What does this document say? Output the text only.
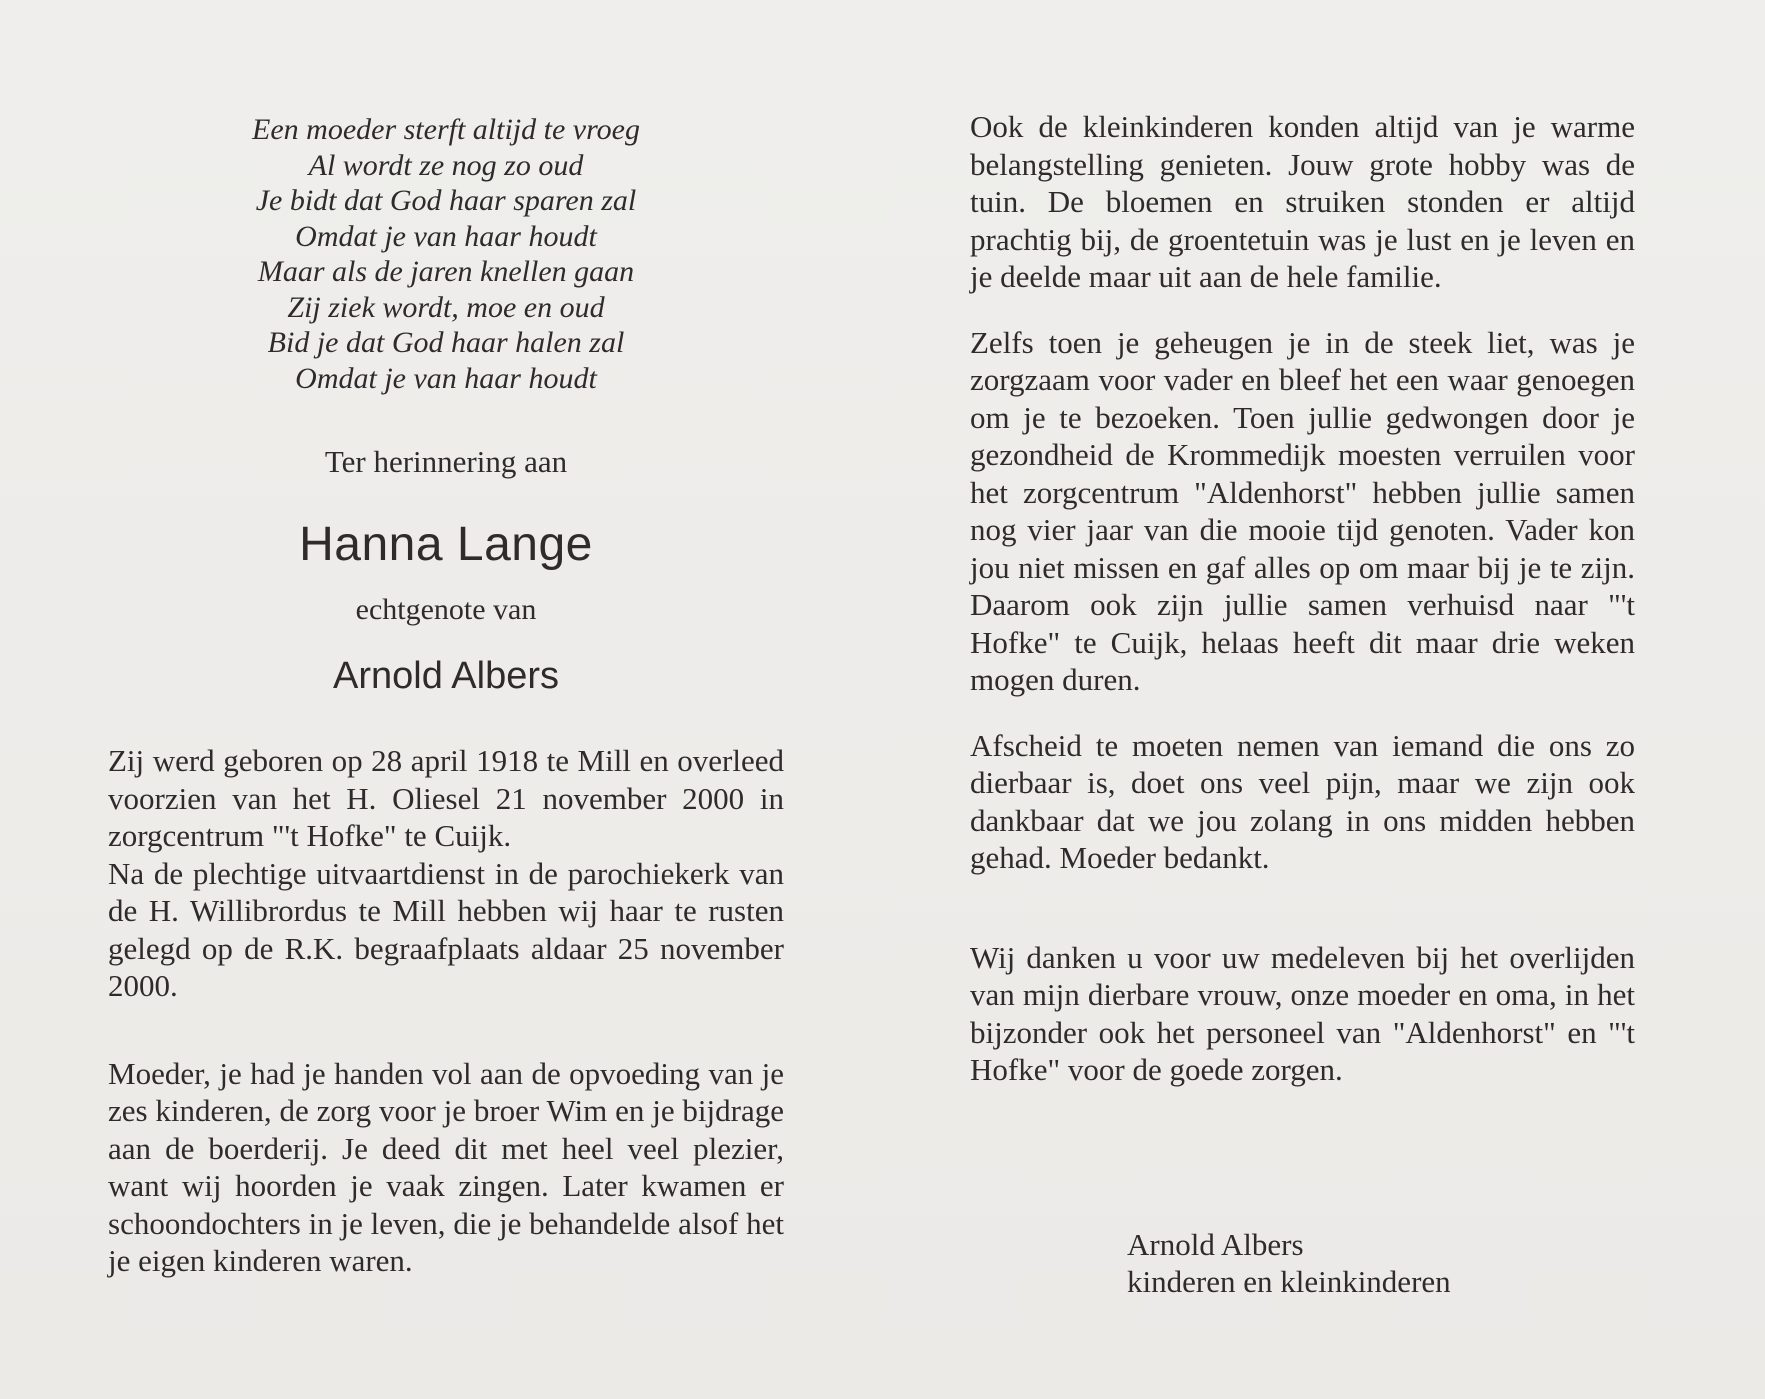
Een moeder sterft altijd te vroeg
Al wordt ze nog zo oud
Je bidt dat God haar sparen zal
Omdat je van haar houdt
Maar als de jaren knellen gaan
Zij ziek wordt, moe en oud
Bid je dat God haar halen zal
Omdat je van haar houdt
Ter herinnering aan
Hanna Lange
echtgenote van
Arnold Albers

Zij werd geboren op 28 april 1918 te Mill en overleed voorzien van het H. Oliesel 21 november 2000 in zorgcentrum "'t Hofke" te Cuijk.

Na de plechtige uitvaartdienst in de parochiekerk van de H. Willibrordus te Mill hebben wij haar te rusten gelegd op de R.K. begraafplaats aldaar 25 november 2000.

Moeder, je had je handen vol aan de opvoeding van je zes kinderen, de zorg voor je broer Wim en je bijdrage aan de boerderij. Je deed dit met heel veel plezier, want wij hoorden je vaak zingen. Later kwamen er schoondochters in je leven, die je behandelde alsof het je eigen kinderen waren.

Ook de kleinkinderen konden altijd van je warme belangstelling genieten. Jouw grote hobby was de tuin. De bloemen en struiken stonden er altijd prachtig bij, de groentetuin was je lust en je leven en je deelde maar uit aan de hele familie.

Zelfs toen je geheugen je in de steek liet, was je zorgzaam voor vader en bleef het een waar genoegen om je te bezoeken. Toen jullie gedwongen door je gezondheid de Krommedijk moesten verruilen voor het zorgcentrum "Aldenhorst" hebben jullie samen nog vier jaar van die mooie tijd genoten. Vader kon jou niet missen en gaf alles op om maar bij je te zijn. Daarom ook zijn jullie samen verhuisd naar "'t Hofke" te Cuijk, helaas heeft dit maar drie weken mogen duren.

Afscheid te moeten nemen van iemand die ons zo dierbaar is, doet ons veel pijn, maar we zijn ook dankbaar dat we jou zolang in ons midden hebben gehad. Moeder bedankt.

Wij danken u voor uw medeleven bij het overlijden van mijn dierbare vrouw, onze moeder en oma, in het bijzonder ook het personeel van "Aldenhorst" en "'t Hofke" voor de goede zorgen.

Arnold Albers
kinderen en kleinkinderen
